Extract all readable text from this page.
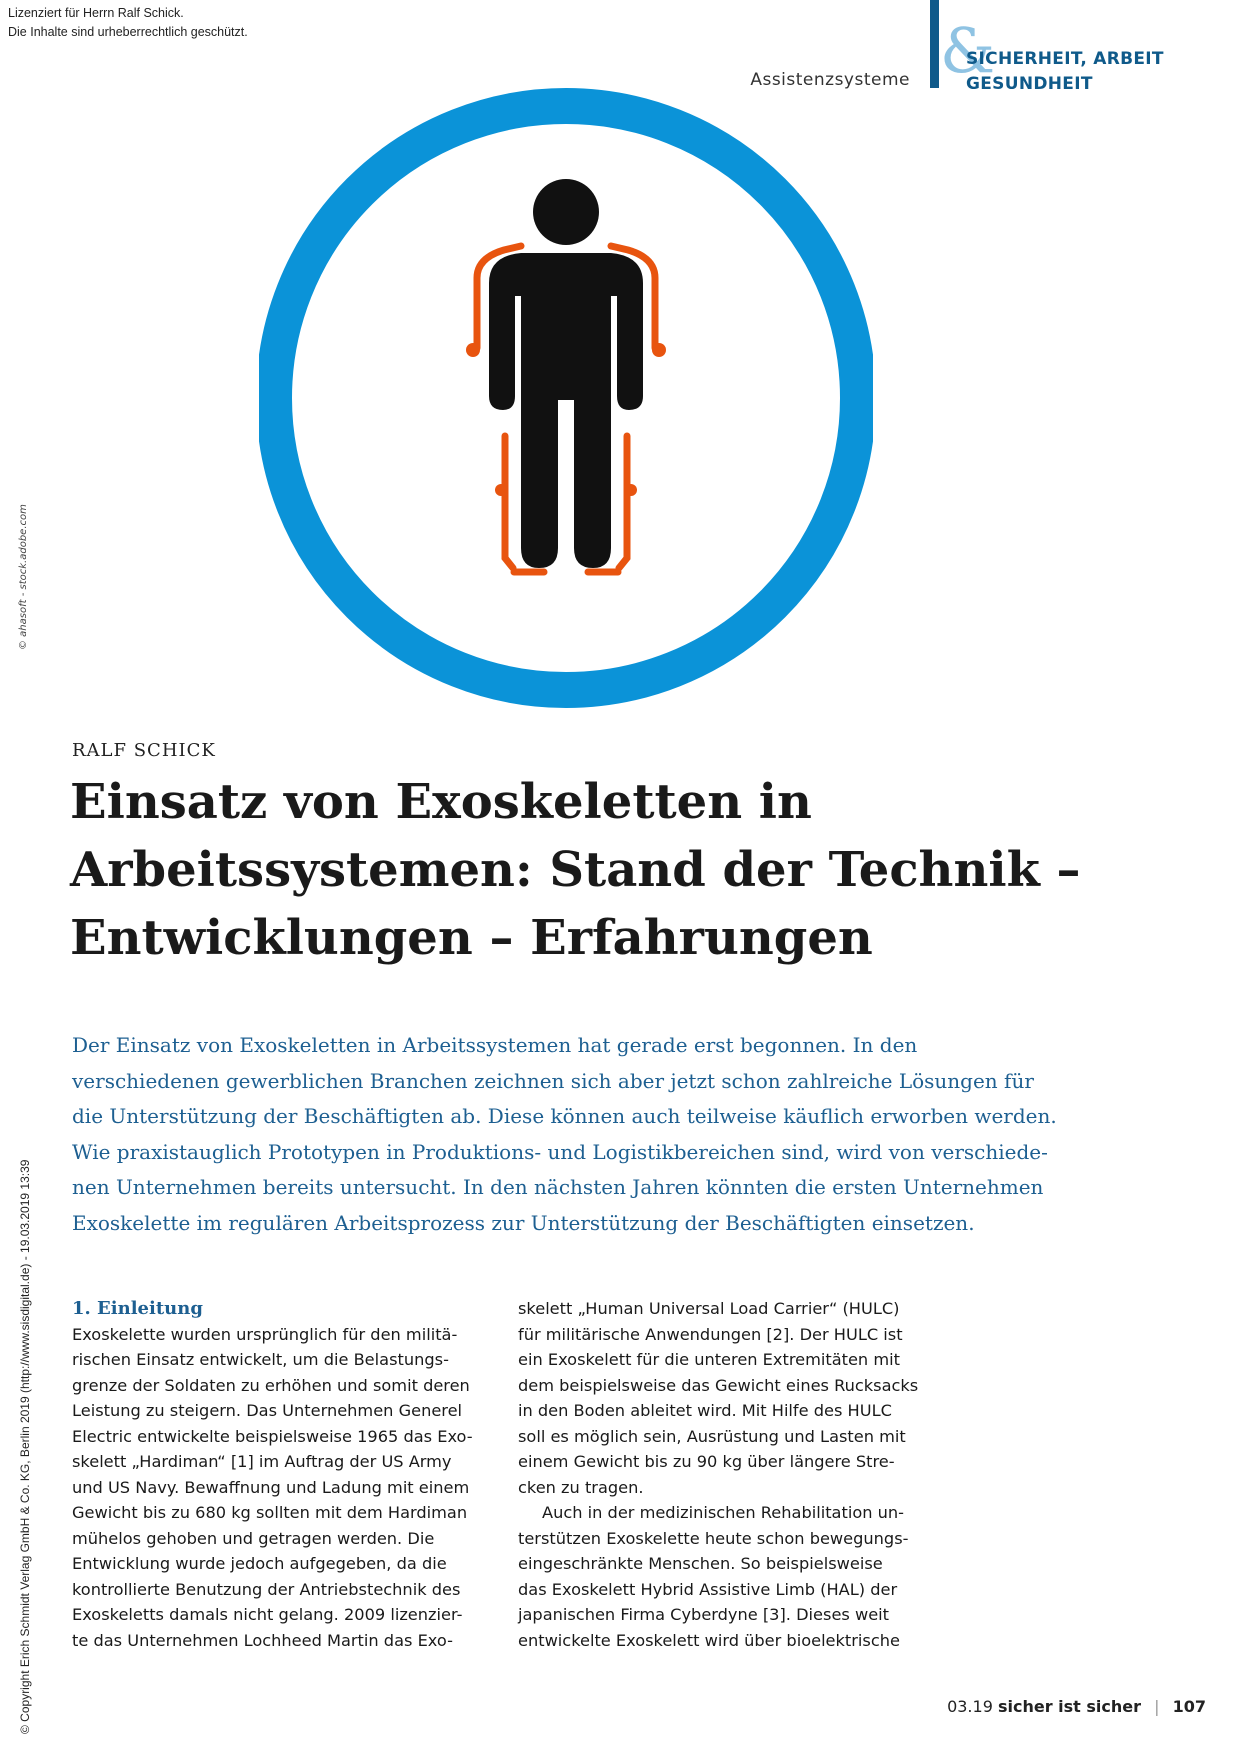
Lizenziert für Herrn Ralf Schick.
Die Inhalte sind urheberrechtlich geschützt.
Assistenzsysteme &
SICHERHEIT, ARBEIT
GESUNDHEIT
© ahasoft - stock.adobe.com
© Copyright Erich Schmidt Verlag GmbH & Co. KG, Berlin 2019 (http://www.sisdigital.de) - 19.03.2019 13:39
RALF SCHICK
Einsatz von Exoskeletten in
Arbeitssystemen: Stand der Technik –
Entwicklungen – Erfahrungen

Der Einsatz von Exoskeletten in Arbeitssystemen hat gerade erst begonnen. In den
verschiedenen gewerblichen Branchen zeichnen sich aber jetzt schon zahlreiche Lösungen für
die Unterstützung der Beschäftigten ab. Diese können auch teilweise käuflich erworben werden.
Wie praxistauglich Prototypen in Produktions- und Logistikbereichen sind, wird von verschiede-
nen Unternehmen bereits untersucht. In den nächsten Jahren könnten die ersten Unternehmen
Exoskelette im regulären Arbeitsprozess zur Unterstützung der Beschäftigten einsetzen.

1. Einleitung
Exoskelette wurden ursprünglich für den militä-
rischen Einsatz entwickelt, um die Belastungs-
grenze der Soldaten zu erhöhen und somit deren
Leistung zu steigern. Das Unternehmen Generel
Electric entwickelte beispielsweise 1965 das Exo-
skelett „Hardiman“ [1] im Auftrag der US Army
und US Navy. Bewaffnung und Ladung mit einem
Gewicht bis zu 680 kg sollten mit dem Hardiman
mühelos gehoben und getragen werden. Die
Entwicklung wurde jedoch aufgegeben, da die
kontrollierte Benutzung der Antriebstechnik des
Exoskeletts damals nicht gelang. 2009 lizenzier-
te das Unternehmen Lochheed Martin das Exo-
skelett „Human Universal Load Carrier“ (HULC)
für militärische Anwendungen [2]. Der HULC ist
ein Exoskelett für die unteren Extremitäten mit
dem beispielsweise das Gewicht eines Rucksacks
in den Boden ableitet wird. Mit Hilfe des HULC
soll es möglich sein, Ausrüstung und Lasten mit
einem Gewicht bis zu 90 kg über längere Stre-
cken zu tragen.
Auch in der medizinischen Rehabilitation un-
terstützen Exoskelette heute schon bewegungs-
eingeschränkte Menschen. So beispielsweise
das Exoskelett Hybrid Assistive Limb (HAL) der
japanischen Firma Cyberdyne [3]. Dieses weit
entwickelte Exoskelett wird über bioelektrische
03.19 sicher ist sicher | 107
